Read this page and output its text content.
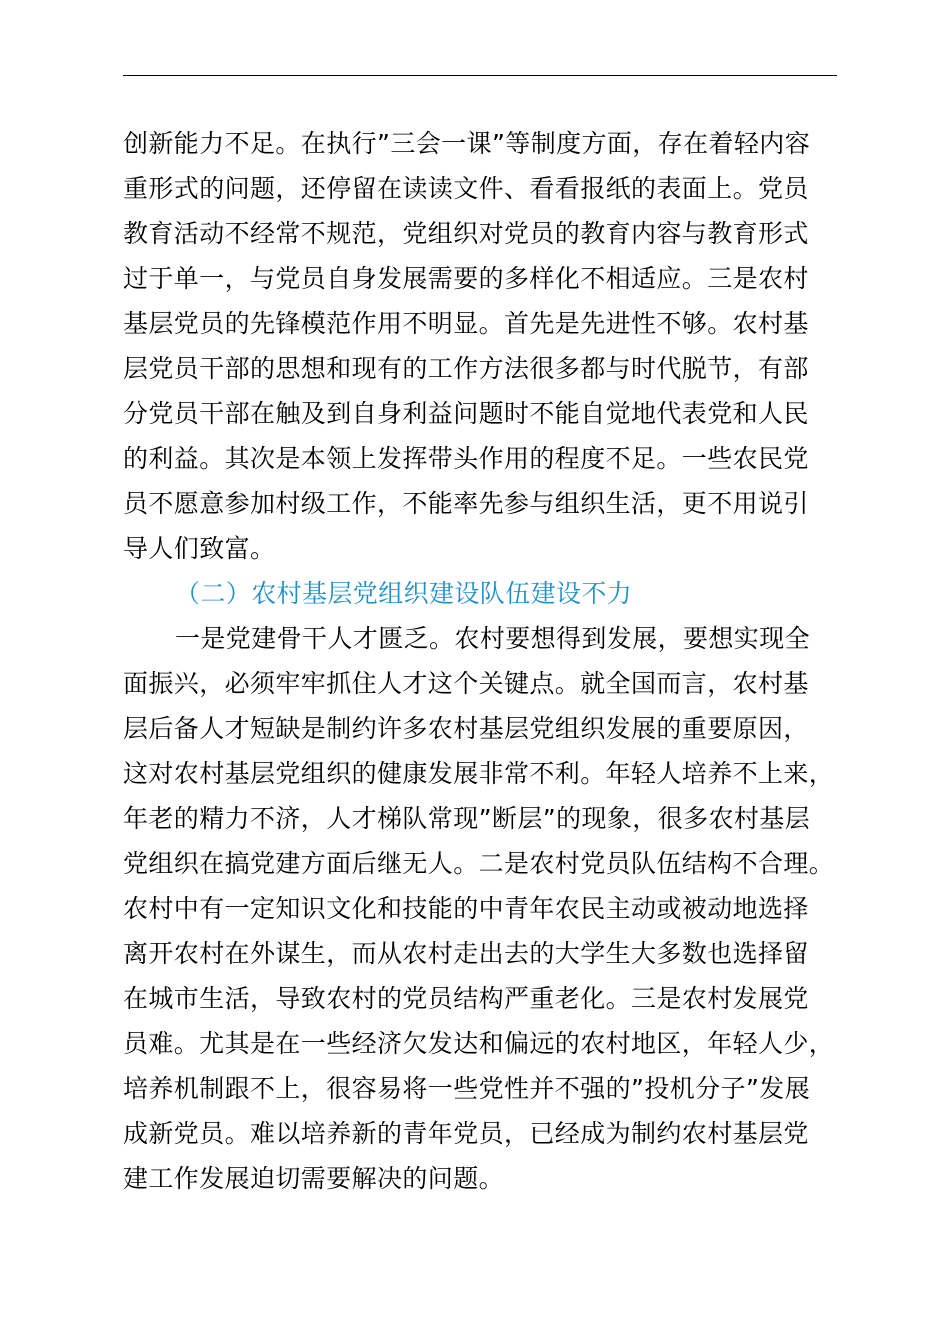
创新能力不足。在执行”三会一课”等制度方面，存在着轻内容
重形式的问题，还停留在读读文件、看看报纸的表面上。党员
教育活动不经常不规范，党组织对党员的教育内容与教育形式
过于单一，与党员自身发展需要的多样化不相适应。三是农村
基层党员的先锋模范作用不明显。首先是先进性不够。农村基
层党员干部的思想和现有的工作方法很多都与时代脱节，有部
分党员干部在触及到自身利益问题时不能自觉地代表党和人民
的利益。其次是本领上发挥带头作用的程度不足。一些农民党
员不愿意参加村级工作，不能率先参与组织生活，更不用说引
导人们致富。
（二）农村基层党组织建设队伍建设不力
一是党建骨干人才匮乏。农村要想得到发展，要想实现全
面振兴，必须牢牢抓住人才这个关键点。就全国而言，农村基
层后备人才短缺是制约许多农村基层党组织发展的重要原因，
这对农村基层党组织的健康发展非常不利。年轻人培养不上来，
年老的精力不济，人才梯队常现”断层”的现象，很多农村基层
党组织在搞党建方面后继无人。二是农村党员队伍结构不合理。
农村中有一定知识文化和技能的中青年农民主动或被动地选择
离开农村在外谋生，而从农村走出去的大学生大多数也选择留
在城市生活，导致农村的党员结构严重老化。三是农村发展党
员难。尤其是在一些经济欠发达和偏远的农村地区，年轻人少，
培养机制跟不上，很容易将一些党性并不强的”投机分子”发展
成新党员。难以培养新的青年党员，已经成为制约农村基层党
建工作发展迫切需要解决的问题。
